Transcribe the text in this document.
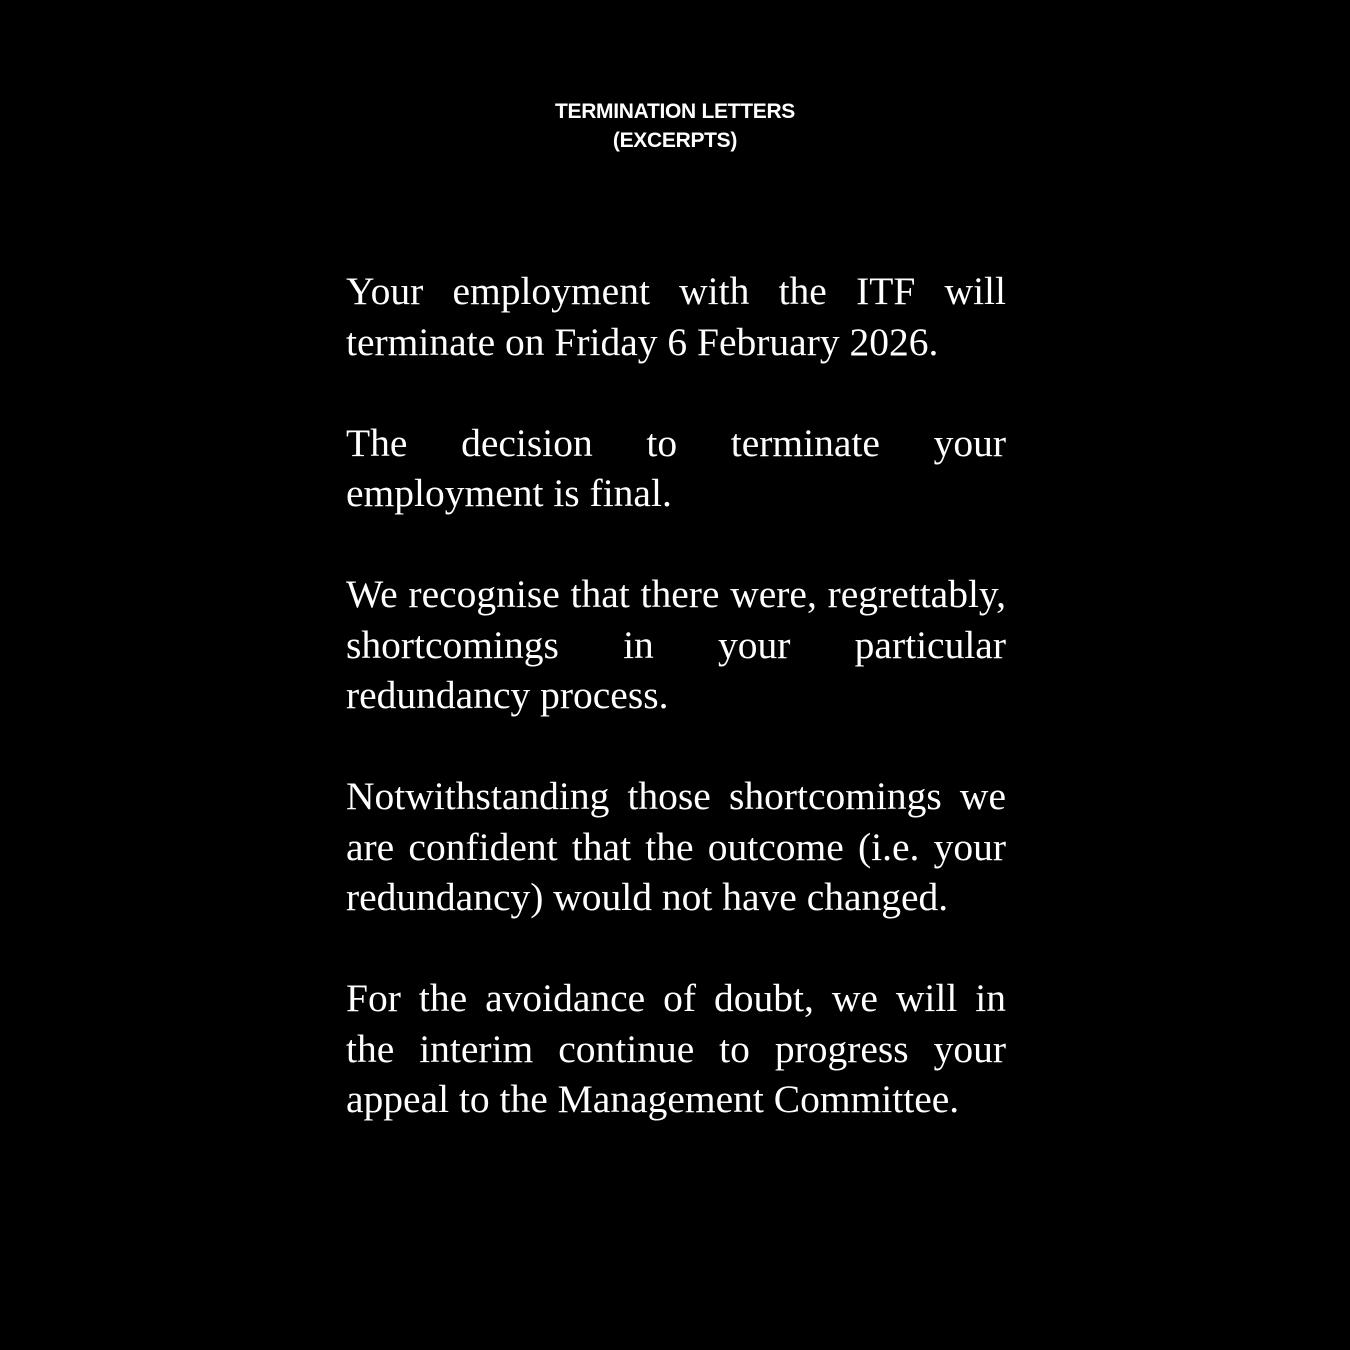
TERMINATION LETTERS
(EXCERPTS)

Your employment with the ITF will terminate on Friday 6 February 2026.

The decision to terminate your employment is final.

We recognise that there were, regrettably, shortcomings in your particular redundancy process.

Notwithstanding those shortcomings we are confident that the outcome (i.e. your redundancy) would not have changed.

For the avoidance of doubt, we will in the interim continue to progress your appeal to the Management Committee.
